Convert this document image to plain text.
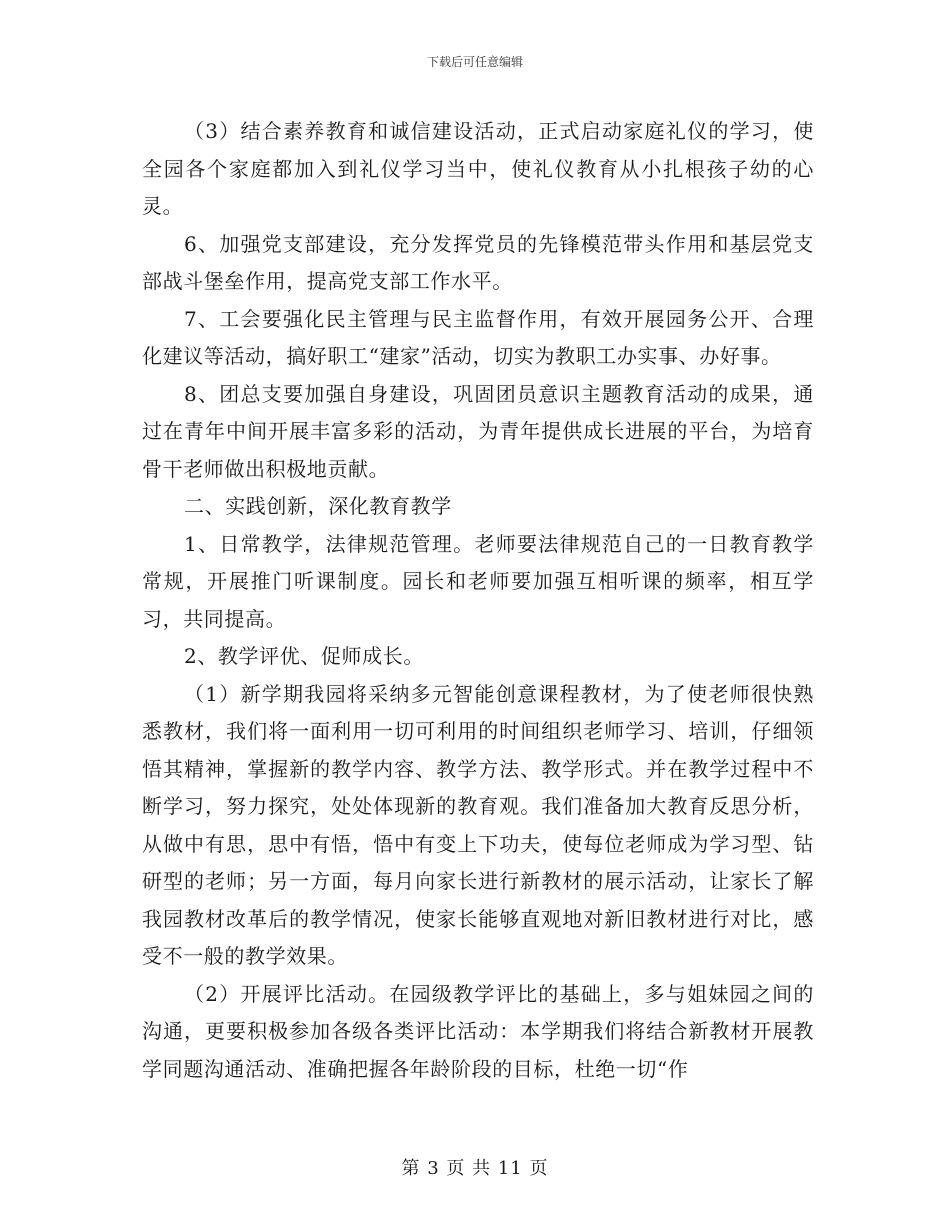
下载后可任意编辑

（3）结合素养教育和诚信建设活动，正式启动家庭礼仪的学习，使全园各个家庭都加入到礼仪学习当中，使礼仪教育从小扎根孩子幼的心灵。

6、加强党支部建设，充分发挥党员的先锋模范带头作用和基层党支部战斗堡垒作用，提高党支部工作水平。

7、工会要强化民主管理与民主监督作用，有效开展园务公开、合理化建议等活动，搞好职工“建家”活动，切实为教职工办实事、办好事。

8、团总支要加强自身建设，巩固团员意识主题教育活动的成果，通过在青年中间开展丰富多彩的活动，为青年提供成长进展的平台，为培育骨干老师做出积极地贡献。

二、实践创新，深化教育教学

1、日常教学，法律规范管理。老师要法律规范自己的一日教育教学常规，开展推门听课制度。园长和老师要加强互相听课的频率，相互学习，共同提高。

2、教学评优、促师成长。

（1）新学期我园将采纳多元智能创意课程教材，为了使老师很快熟悉教材，我们将一面利用一切可利用的时间组织老师学习、培训，仔细领悟其精神，掌握新的教学内容、教学方法、教学形式。并在教学过程中不断学习，努力探究，处处体现新的教育观。我们准备加大教育反思分析，从做中有思，思中有悟，悟中有变上下功夫，使每位老师成为学习型、钻研型的老师；另一方面，每月向家长进行新教材的展示活动，让家长了解我园教材改革后的教学情况，使家长能够直观地对新旧教材进行对比，感受不一般的教学效果。

（2）开展评比活动。在园级教学评比的基础上，多与姐妹园之间的沟通，更要积极参加各级各类评比活动：本学期我们将结合新教材开展教学同题沟通活动、准确把握各年龄阶段的目标，杜绝一切“作

第 3 页 共 11 页
